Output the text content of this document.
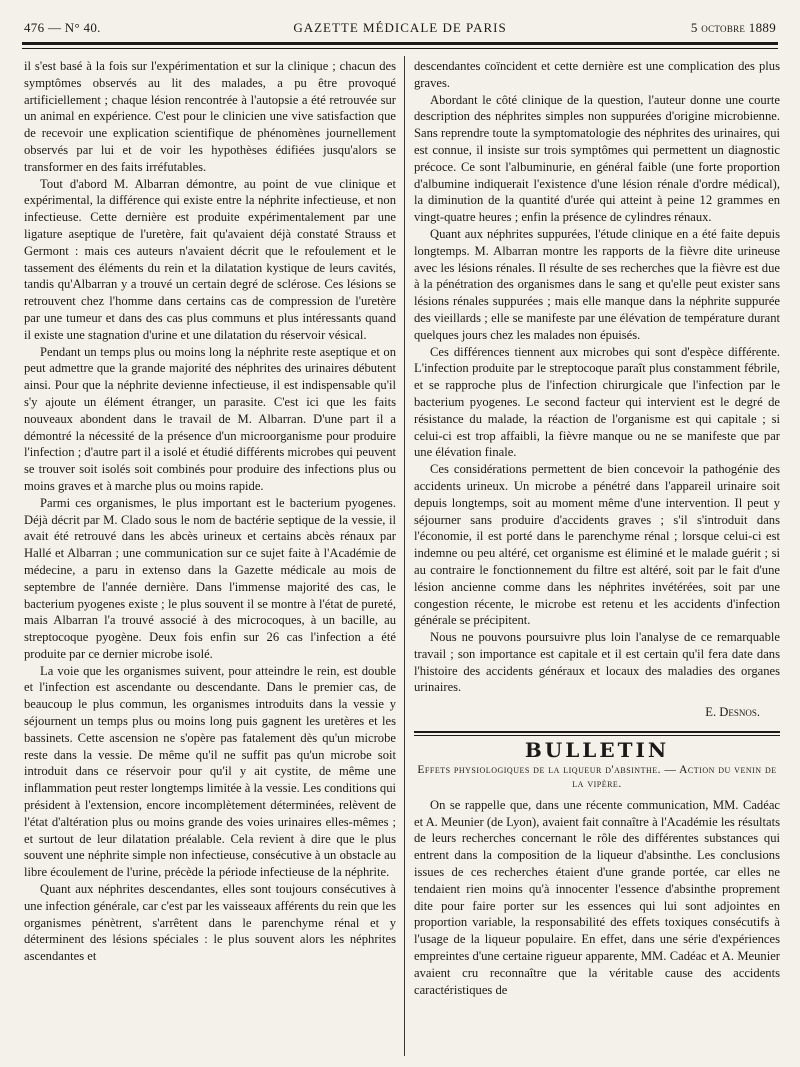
476 — N° 40.	GAZETTE MÉDICALE DE PARIS	5 octobre 1889

il s'est basé à la fois sur l'expérimentation et sur la clinique ; chacun des symptômes observés au lit des malades, a pu être provoqué artificiellement ; chaque lésion rencontrée à l'autopsie a été retrouvée sur un animal en expérience. C'est pour le clinicien une vive satisfaction que de recevoir une explication scientifique de phénomènes journellement observés par lui et de voir les hypothèses édifiées jusqu'alors se transformer en des faits irréfutables.

Tout d'abord M. Albarran démontre, au point de vue clinique et expérimental, la différence qui existe entre la néphrite infectieuse, et non infectieuse. Cette dernière est produite expérimentalement par une ligature aseptique de l'uretère, fait qu'avaient déjà constaté Strauss et Germont : mais ces auteurs n'avaient décrit que le refoulement et le tassement des éléments du rein et la dilatation kystique de leurs cavités, tandis qu'Albarran y a trouvé un certain degré de sclérose. Ces lésions se retrouvent chez l'homme dans certains cas de compression de l'uretère par une tumeur et dans des cas plus communs et plus intéressants quand il existe une stagnation d'urine et une dilatation du réservoir vésical.

Pendant un temps plus ou moins long la néphrite reste aseptique et on peut admettre que la grande majorité des néphrites des urinaires débutent ainsi. Pour que la néphrite devienne infectieuse, il est indispensable qu'il s'y ajoute un élément étranger, un parasite. C'est ici que les faits nouveaux abondent dans le travail de M. Albarran. D'une part il a démontré la nécessité de la présence d'un microorganisme pour produire l'infection ; d'autre part il a isolé et étudié différents microbes qui peuvent se trouver soit isolés soit combinés pour produire des infections plus ou moins graves et à marche plus ou moins rapide.

Parmi ces organismes, le plus important est le bacterium pyogenes. Déjà décrit par M. Clado sous le nom de bactérie septique de la vessie, il avait été retrouvé dans les abcès urineux et certains abcès rénaux par Hallé et Albarran ; une communication sur ce sujet faite à l'Académie de médecine, a paru in extenso dans la Gazette médicale au mois de septembre de l'année dernière. Dans l'immense majorité des cas, le bacterium pyogenes existe ; le plus souvent il se montre à l'état de pureté, mais Albarran l'a trouvé associé à des microcoques, à un bacille, au streptocoque pyogène. Deux fois enfin sur 26 cas l'infection a été produite par ce dernier microbe isolé.

La voie que les organismes suivent, pour atteindre le rein, est double et l'infection est ascendante ou descendante. Dans le premier cas, de beaucoup le plus commun, les organismes introduits dans la vessie y séjournent un temps plus ou moins long puis gagnent les uretères et les bassinets. Cette ascension ne s'opère pas fatalement dès qu'un microbe reste dans la vessie. De même qu'il ne suffit pas qu'un microbe soit introduit dans ce réservoir pour qu'il y ait cystite, de même une inflammation peut rester longtemps limitée à la vessie. Les conditions qui président à l'extension, encore incomplètement déterminées, relèvent de l'état d'altération plus ou moins grande des voies urinaires elles-mêmes ; et surtout de leur dilatation préalable. Cela revient à dire que le plus souvent une néphrite simple non infectieuse, consécutive à un obstacle au libre écoulement de l'urine, précède la période infectieuse de la néphrite.

Quant aux néphrites descendantes, elles sont toujours consécutives à une infection générale, car c'est par les vaisseaux afférents du rein que les organismes pénètrent, s'arrêtent dans le parenchyme rénal et y déterminent des lésions spéciales : le plus souvent alors les néphrites ascendantes et

descendantes coïncident et cette dernière est une complication des plus graves.

Abordant le côté clinique de la question, l'auteur donne une courte description des néphrites simples non suppurées d'origine microbienne. Sans reprendre toute la symptomatologie des néphrites des urinaires, qui est connue, il insiste sur trois symptômes qui permettent un diagnostic précoce. Ce sont l'albuminurie, en général faible (une forte proportion d'albumine indiquerait l'existence d'une lésion rénale d'ordre médical), la diminution de la quantité d'urée qui atteint à peine 12 grammes en vingt-quatre heures ; enfin la présence de cylindres rénaux.

Quant aux néphrites suppurées, l'étude clinique en a été faite depuis longtemps. M. Albarran montre les rapports de la fièvre dite urineuse avec les lésions rénales. Il résulte de ses recherches que la fièvre est due à la pénétration des organismes dans le sang et qu'elle peut exister sans lésions rénales suppurées ; mais elle manque dans la néphrite suppurée des vieillards ; elle se manifeste par une élévation de température durant quelques jours chez les malades non épuisés.

Ces différences tiennent aux microbes qui sont d'espèce différente. L'infection produite par le streptocoque paraît plus constamment fébrile, et se rapproche plus de l'infection chirurgicale que l'infection par le bacterium pyogenes. Le second facteur qui intervient est le degré de résistance du malade, la réaction de l'organisme est qui capitale ; si celui-ci est trop affaibli, la fièvre manque ou ne se manifeste que par une élévation finale.

Ces considérations permettent de bien concevoir la pathogénie des accidents urineux. Un microbe a pénétré dans l'appareil urinaire soit depuis longtemps, soit au moment même d'une intervention. Il peut y séjourner sans produire d'accidents graves ; s'il s'introduit dans l'économie, il est porté dans le parenchyme rénal ; lorsque celui-ci est indemne ou peu altéré, cet organisme est éliminé et le malade guérit ; si au contraire le fonctionnement du filtre est altéré, soit par le fait d'une lésion ancienne comme dans les néphrites invétérées, soit par une congestion récente, le microbe est retenu et les accidents d'infection générale se précipitent.

Nous ne pouvons poursuivre plus loin l'analyse de ce remarquable travail ; son importance est capitale et il est certain qu'il fera date dans l'histoire des accidents généraux et locaux des maladies des organes urinaires.

E. Desnos.
BULLETIN
Effets physiologiques de la liqueur d'absinthe. — Action du venin de la vipère.

On se rappelle que, dans une récente communication, MM. Cadéac et A. Meunier (de Lyon), avaient fait connaître à l'Académie les résultats de leurs recherches concernant le rôle des différentes substances qui entrent dans la composition de la liqueur d'absinthe. Les conclusions issues de ces recherches étaient d'une grande portée, car elles ne tendaient rien moins qu'à innocenter l'essence d'absinthe proprement dite pour faire porter sur les essences qui lui sont adjointes en proportion variable, la responsabilité des effets toxiques consécutifs à l'usage de la liqueur populaire. En effet, dans une série d'expériences empreintes d'une certaine rigueur apparente, MM. Cadéac et A. Meunier avaient cru reconnaître que la véritable cause des accidents caractéristiques de
